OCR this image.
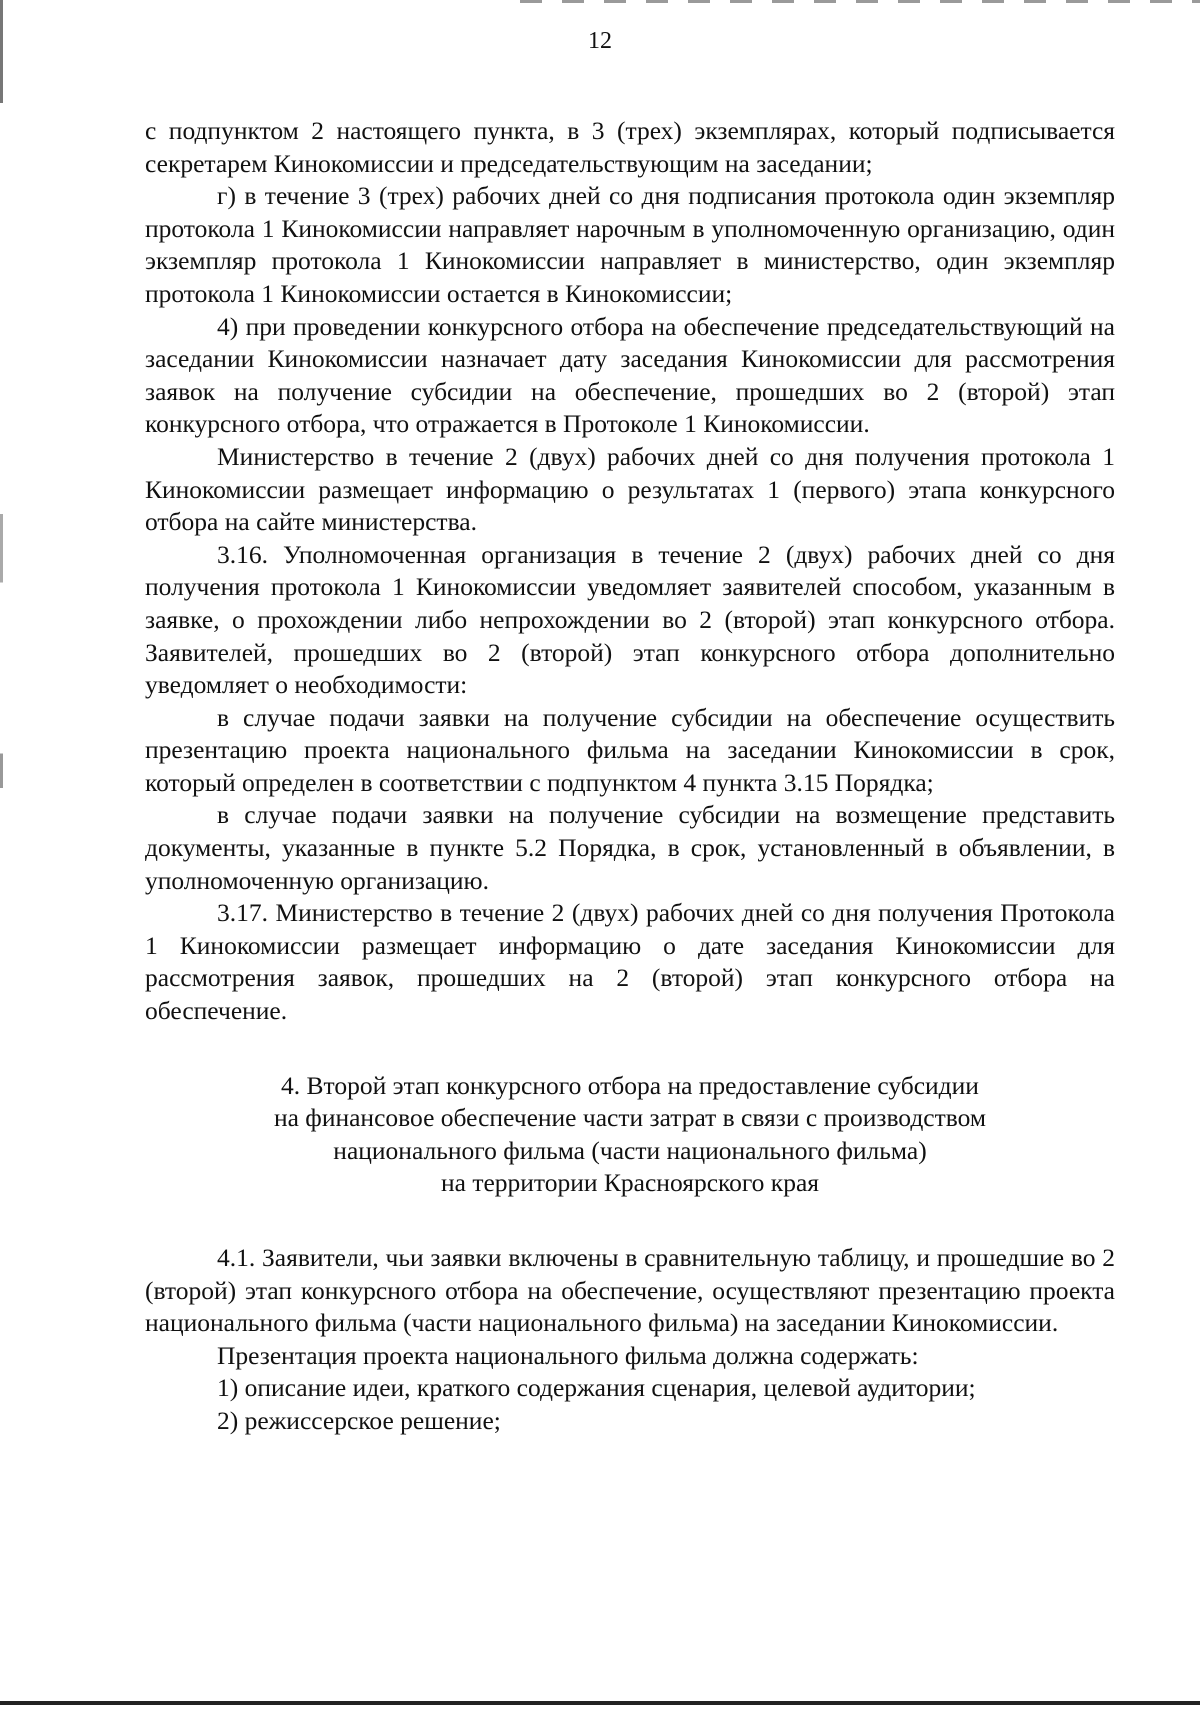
12

с подпунктом 2 настоящего пункта, в 3 (трех) экземплярах, который подписывается секретарем Кинокомиссии и председательствующим на заседании;

г) в течение 3 (трех) рабочих дней со дня подписания протокола один экземпляр протокола 1 Кинокомиссии направляет нарочным в уполномоченную организацию, один экземпляр протокола 1 Кинокомиссии направляет в министерство, один экземпляр протокола 1 Кинокомиссии остается в Кинокомиссии;

4) при проведении конкурсного отбора на обеспечение председательствующий на заседании Кинокомиссии назначает дату заседания Кинокомиссии для рассмотрения заявок на получение субсидии на обеспечение, прошедших во 2 (второй) этап конкурсного отбора, что отражается в Протоколе 1 Кинокомиссии.

Министерство в течение 2 (двух) рабочих дней со дня получения протокола 1 Кинокомиссии размещает информацию о результатах 1 (первого) этапа конкурсного отбора на сайте министерства.

3.16. Уполномоченная организация в течение 2 (двух) рабочих дней со дня получения протокола 1 Кинокомиссии уведомляет заявителей способом, указанным в заявке, о прохождении либо непрохождении во 2 (второй) этап конкурсного отбора. Заявителей, прошедших во 2 (второй) этап конкурсного отбора дополнительно уведомляет о необходимости:

в случае подачи заявки на получение субсидии на обеспечение осуществить презентацию проекта национального фильма на заседании Кинокомиссии в срок, который определен в соответствии с подпунктом 4 пункта 3.15 Порядка;

в случае подачи заявки на получение субсидии на возмещение представить документы, указанные в пункте 5.2 Порядка, в срок, установленный в объявлении, в уполномоченную организацию.

3.17. Министерство в течение 2 (двух) рабочих дней со дня получения Протокола 1 Кинокомиссии размещает информацию о дате заседания Кинокомиссии для рассмотрения заявок, прошедших на 2 (второй) этап конкурсного отбора на обеспечение.

4. Второй этап конкурсного отбора на предоставление субсидии
на финансовое обеспечение части затрат в связи с производством
национального фильма (части национального фильма)
на территории Красноярского края

4.1. Заявители, чьи заявки включены в сравнительную таблицу, и прошедшие во 2 (второй) этап конкурсного отбора на обеспечение, осуществляют презентацию проекта национального фильма (части национального фильма) на заседании Кинокомиссии.

Презентация проекта национального фильма должна содержать:

1) описание идеи, краткого содержания сценария, целевой аудитории;

2) режиссерское решение;
